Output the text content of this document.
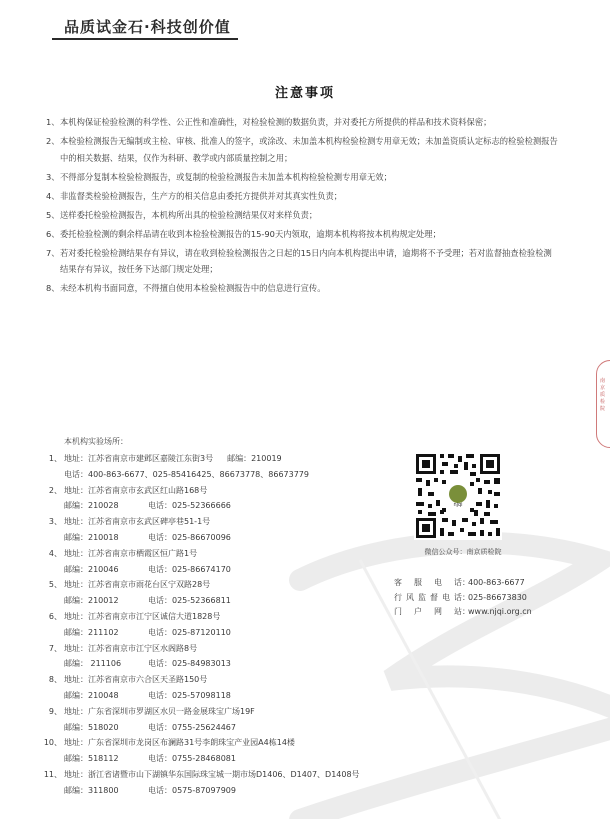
品质试金石·科技创价值
注意事项
1、 本机构保证检验检测的科学性、公正性和准确性，对检验检测的数据负责，并对委托方所提供的样品和技术资料保密；
2、 本检验检测报告无编制或主检、审核、批准人的签字，或涂改、未加盖本机构检验检测专用章无效；未加盖资质认定标志的检验检测报告中的相关数据、结果，仅作为科研、教学或内部质量控制之用；
3、 不得部分复制本检验检测报告，或复制的检验检测报告未加盖本机构检验检测专用章无效；
4、 非监督类检验检测报告，生产方的相关信息由委托方提供并对其真实性负责；
5、 送样委托检验检测报告，本机构所出具的检验检测结果仅对来样负责；
6、 委托检验检测的剩余样品请在收到本检验检测报告的15-90天内领取，逾期本机构将按本机构规定处理；
7、 若对委托检验检测结果存有异议，请在收到检验检测报告之日起的15日内向本机构提出申请，逾期将不予受理；若对监督抽查检验检测结果存有异议，按任务下达部门规定处理；
8、 未经本机构书面同意，不得擅自使用本检验检测报告中的信息进行宣传。
本机构实验场所：
1、 地址：江苏省南京市建邺区嘉陵江东街3号 邮编：210019
电话：400-863-6677、025-85416425、86673778、86673779
2、 地址：江苏省南京市玄武区红山路168号
邮编：210028	电话：025-52366666
3、 地址：江苏省南京市玄武区碑亭巷51-1号
邮编：210018	电话：025-86670096
4、 地址：江苏省南京市栖霞区恒广路1号
邮编：210046	电话：025-86674170
5、 地址：江苏省南京市雨花台区宁双路28号
邮编：210012	电话：025-52366811
6、 地址：江苏省南京市江宁区诚信大道1828号
邮编：211102	电话：025-87120110
7、 地址：江苏省南京市江宁区水阁路8号
邮编： 211106	电话：025-84983013
8、 地址：江苏省南京市六合区天圣路150号
邮编：210048	电话：025-57098118
9、 地址：广东省深圳市罗湖区水贝一路金展珠宝广场19F
邮编：518020	电话：0755-25624467
10、 地址：广东省深圳市龙岗区布澜路31号李朗珠宝产业园A4栋14楼
邮编：518112	电话：0755-28468081
11、 地址：浙江省诸暨市山下湖镇华东国际珠宝城一期市场D1406、D1407、D1408号
邮编：311800	电话：0575-87097909
njqi
微信公众号：南京质检院
客服电话 ：
400-863-6677
行风监督电话 ：
025-86673830
门户网站 ：
www.njqi.org.cn
南京质检院
